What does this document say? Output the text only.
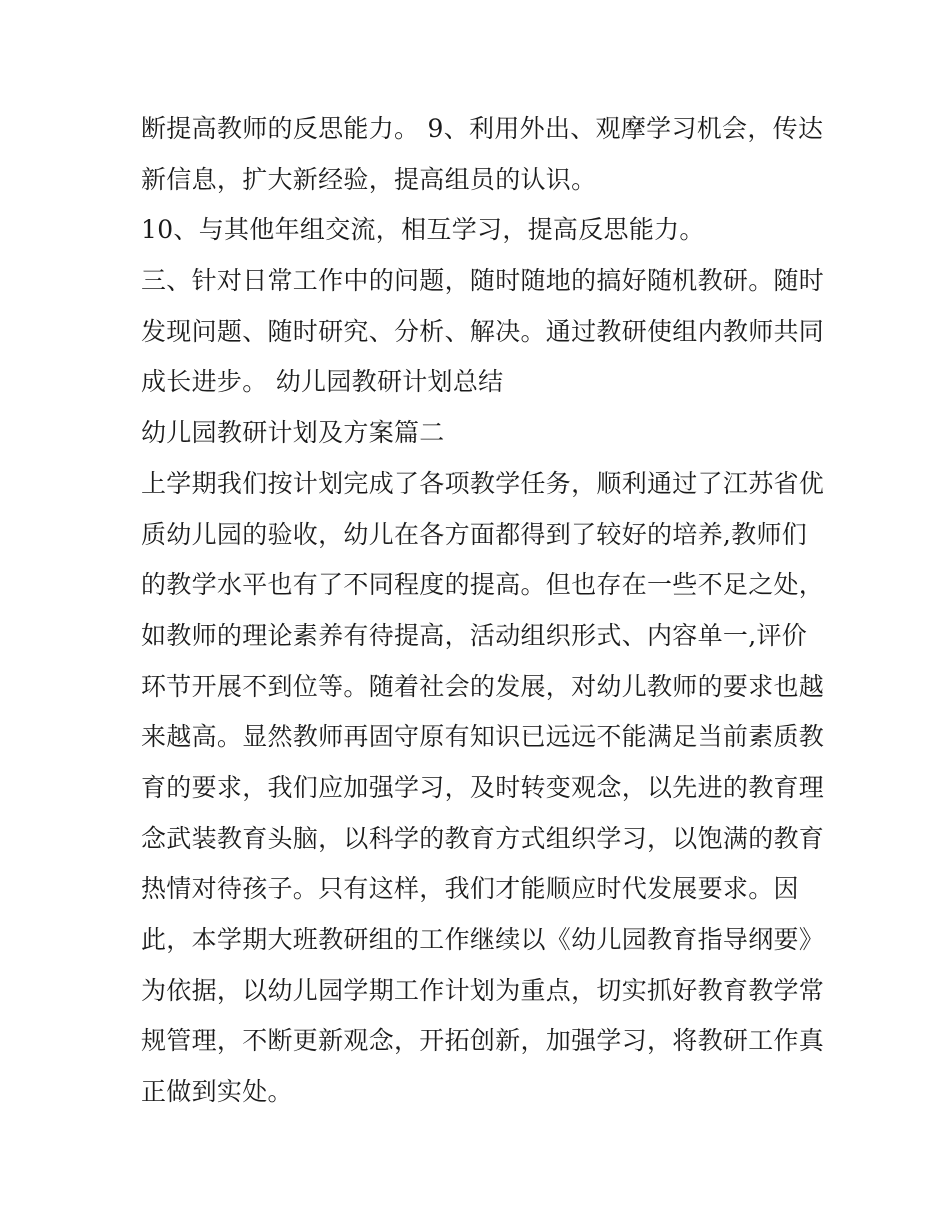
断提高教师的反思能力。 9、利用外出、观摩学习机会，传达
新信息，扩大新经验，提高组员的认识。
10、与其他年组交流，相互学习，提高反思能力。
三、针对日常工作中的问题，随时随地的搞好随机教研。随时
发现问题、随时研究、分析、解决。通过教研使组内教师共同
成长进步。 幼儿园教研计划总结
幼儿园教研计划及方案篇二
上学期我们按计划完成了各项教学任务，顺利通过了江苏省优
质幼儿园的验收，幼儿在各方面都得到了较好的培养,教师们
的教学水平也有了不同程度的提高。但也存在一些不足之处，
如教师的理论素养有待提高，活动组织形式、内容单一,评价
环节开展不到位等。随着社会的发展，对幼儿教师的要求也越
来越高。显然教师再固守原有知识已远远不能满足当前素质教
育的要求，我们应加强学习，及时转变观念，以先进的教育理
念武装教育头脑，以科学的教育方式组织学习，以饱满的教育
热情对待孩子。只有这样，我们才能顺应时代发展要求。因
此，本学期大班教研组的工作继续以《幼儿园教育指导纲要》
为依据，以幼儿园学期工作计划为重点，切实抓好教育教学常
规管理，不断更新观念，开拓创新，加强学习，将教研工作真
正做到实处。
